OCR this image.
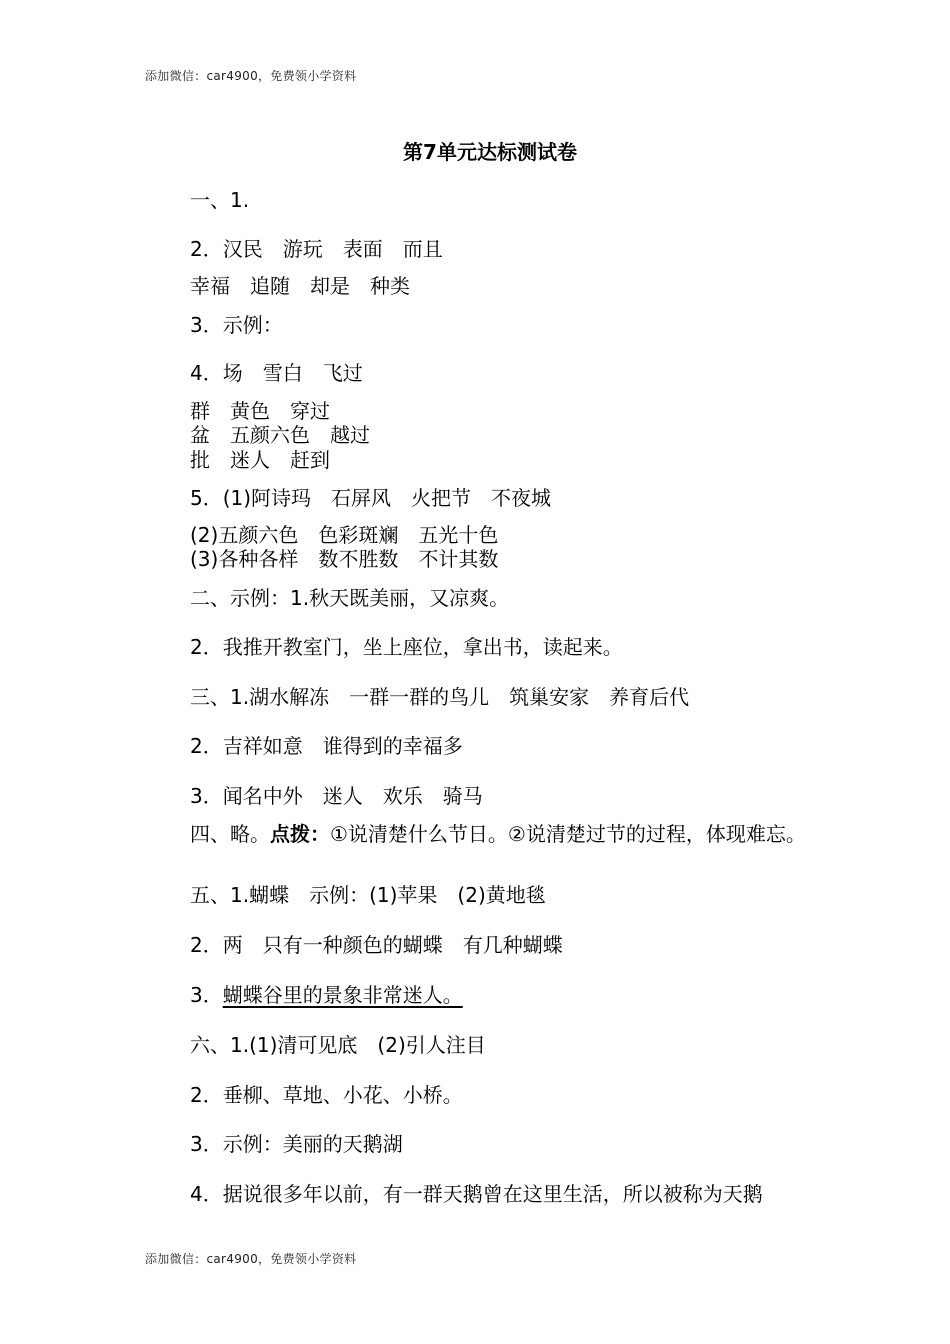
添加微信：car4900，免费领小学资料
第7单元达标测试卷
一、1.
2．汉民　游玩　表面　而且
幸福　追随　却是　种类
3．示例：
4．场　雪白　飞过
群　黄色　穿过
盆　五颜六色　越过
批　迷人　赶到
5．(1)阿诗玛　石屏风　火把节　不夜城
(2)五颜六色　色彩斑斓　五光十色
(3)各种各样　数不胜数　不计其数
二、示例：1.秋天既美丽，又凉爽。
2．我推开教室门，坐上座位，拿出书，读起来。
三、1.湖水解冻　一群一群的鸟儿　筑巢安家　养育后代
2．吉祥如意　谁得到的幸福多
3．闻名中外　迷人　欢乐　骑马
四、略。点拨：①说清楚什么节日。②说清楚过节的过程，体现难忘。
五、1.蝴蝶　示例：(1)苹果　(2)黄地毯
2．两　只有一种颜色的蝴蝶　有几种蝴蝶
3．蝴蝶谷里的景象非常迷人。
六、1.(1)清可见底　(2)引人注目
2．垂柳、草地、小花、小桥。
3．示例：美丽的天鹅湖
4．据说很多年以前，有一群天鹅曾在这里生活，所以被称为天鹅
添加微信：car4900，免费领小学资料
